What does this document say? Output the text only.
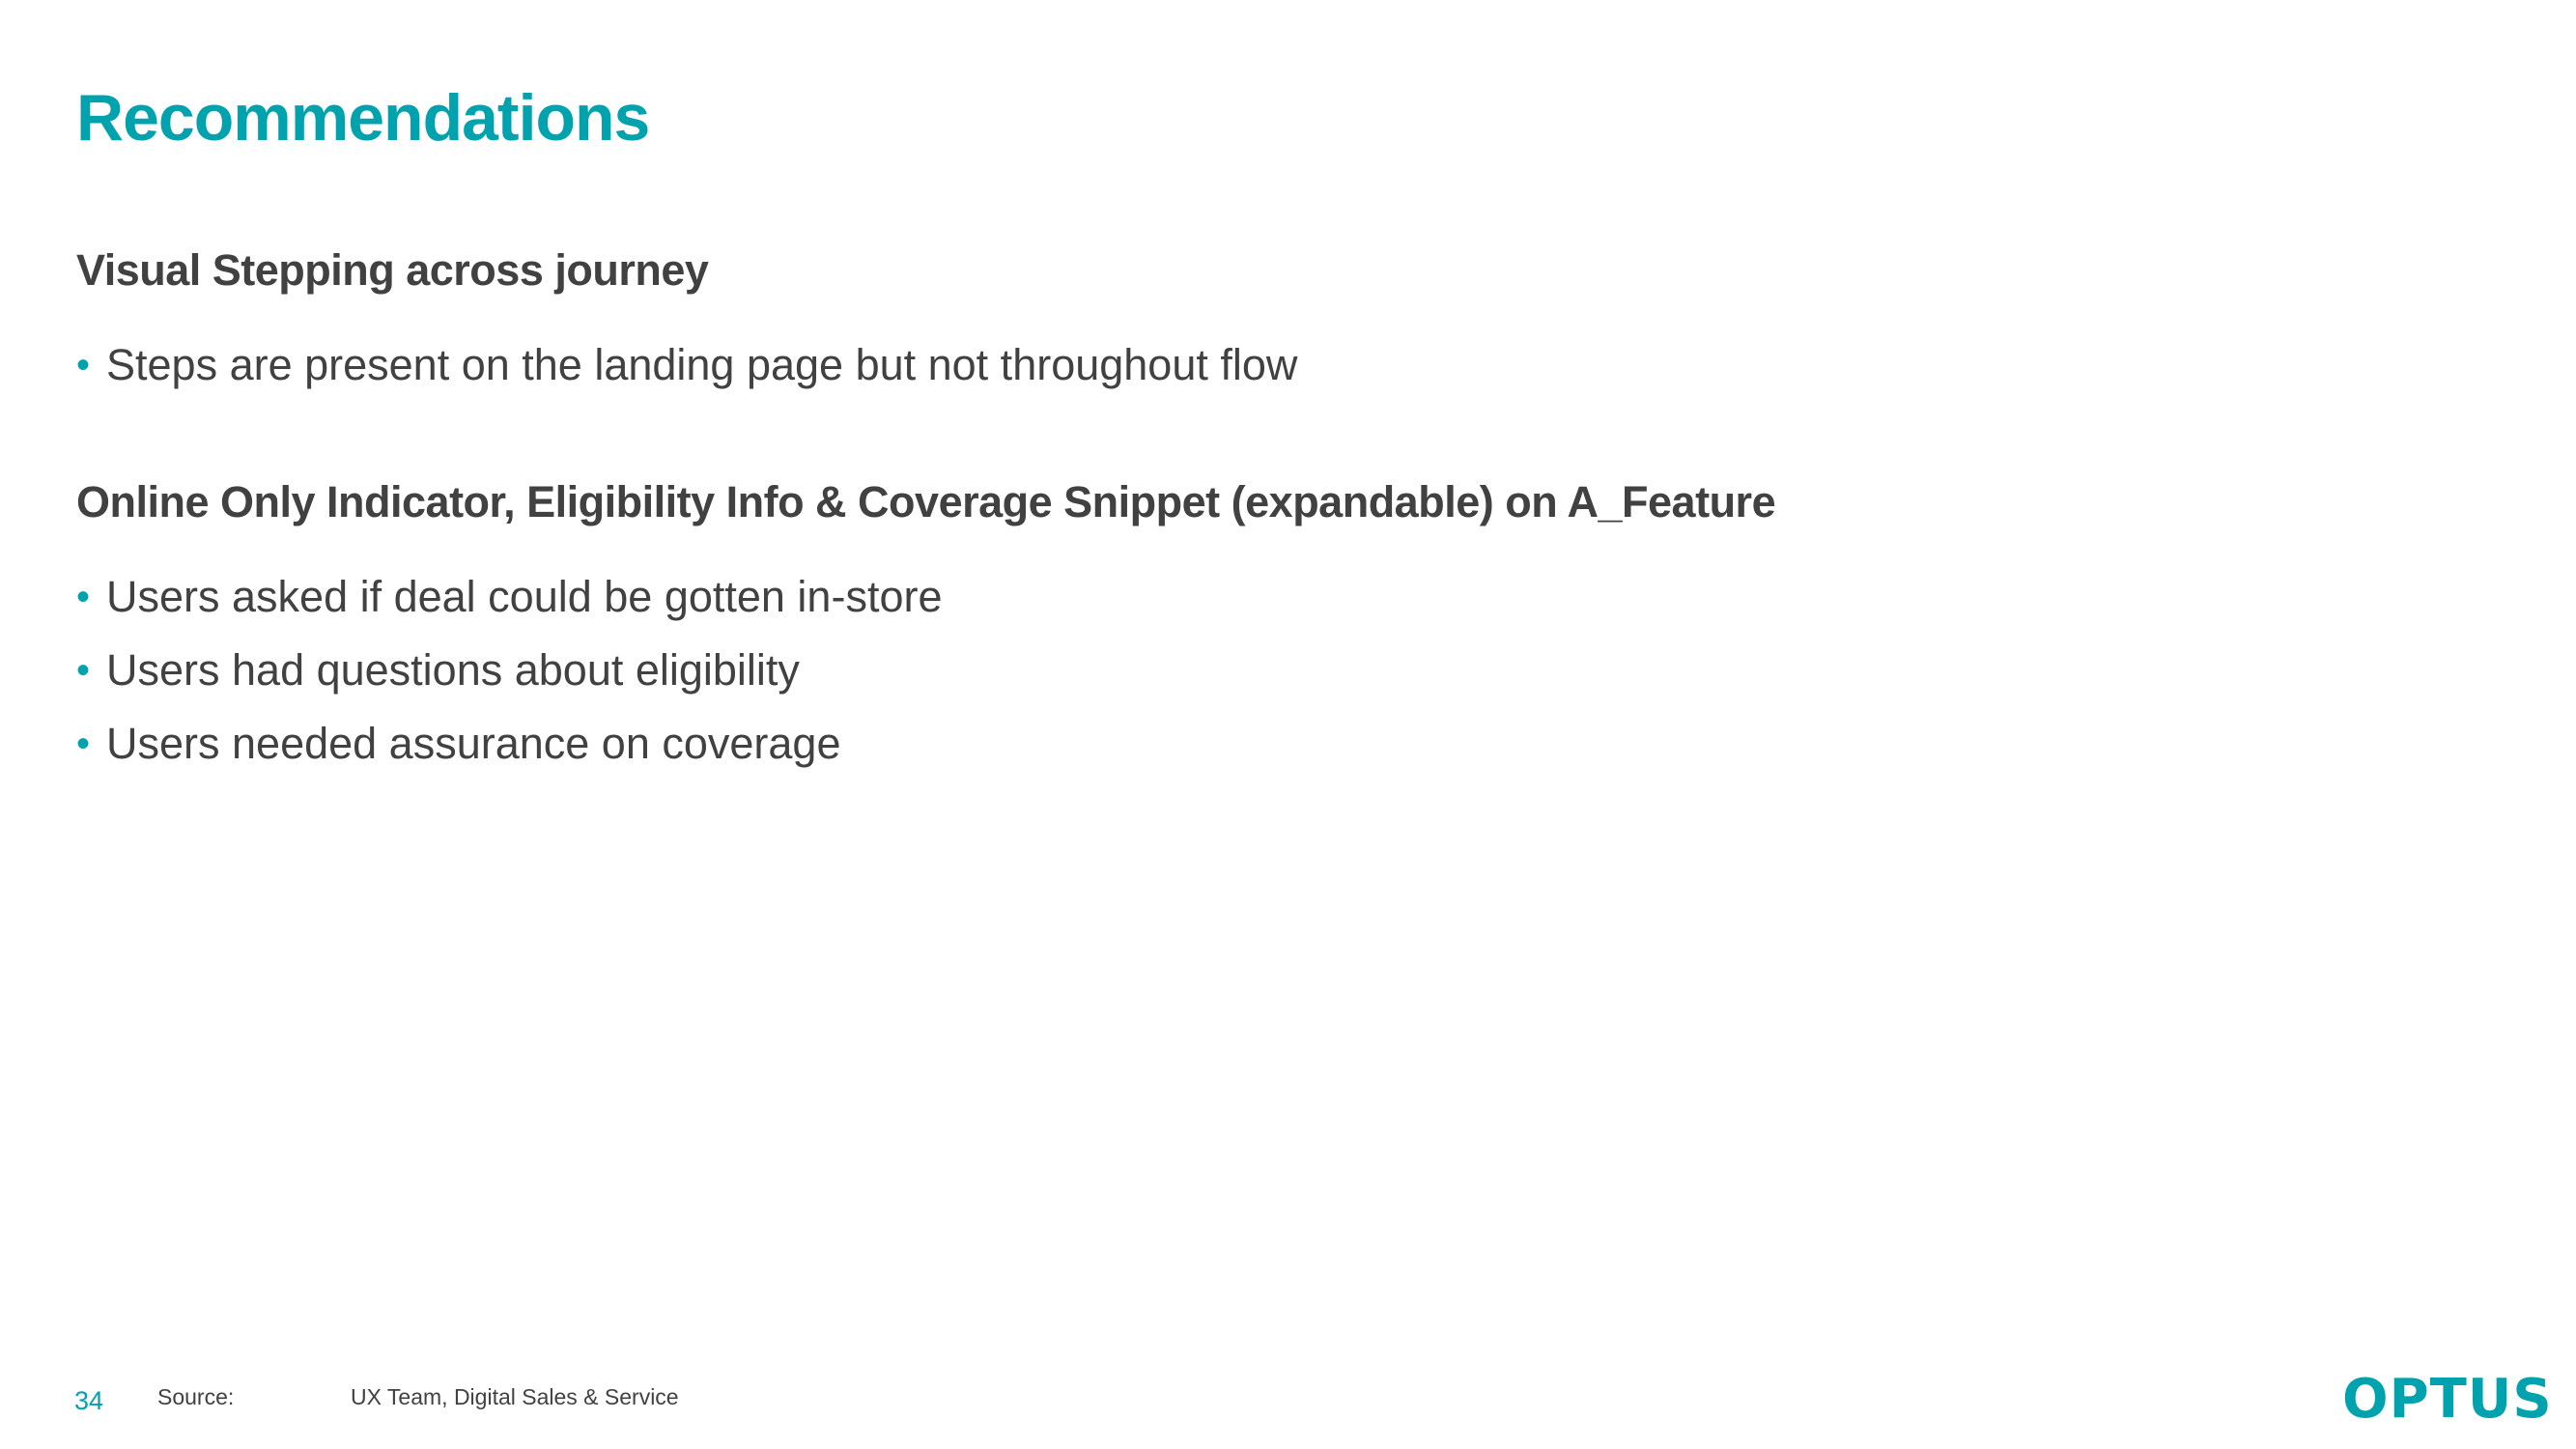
Recommendations
Visual Stepping across journey
• Steps are present on the landing page but not throughout flow
Online Only Indicator, Eligibility Info & Coverage Snippet (expandable) on A_Feature
• Users asked if deal could be gotten in-store
• Users had questions about eligibility
• Users needed assurance on coverage
34 Source:	UX Team, Digital Sales & Service	OPTUS
